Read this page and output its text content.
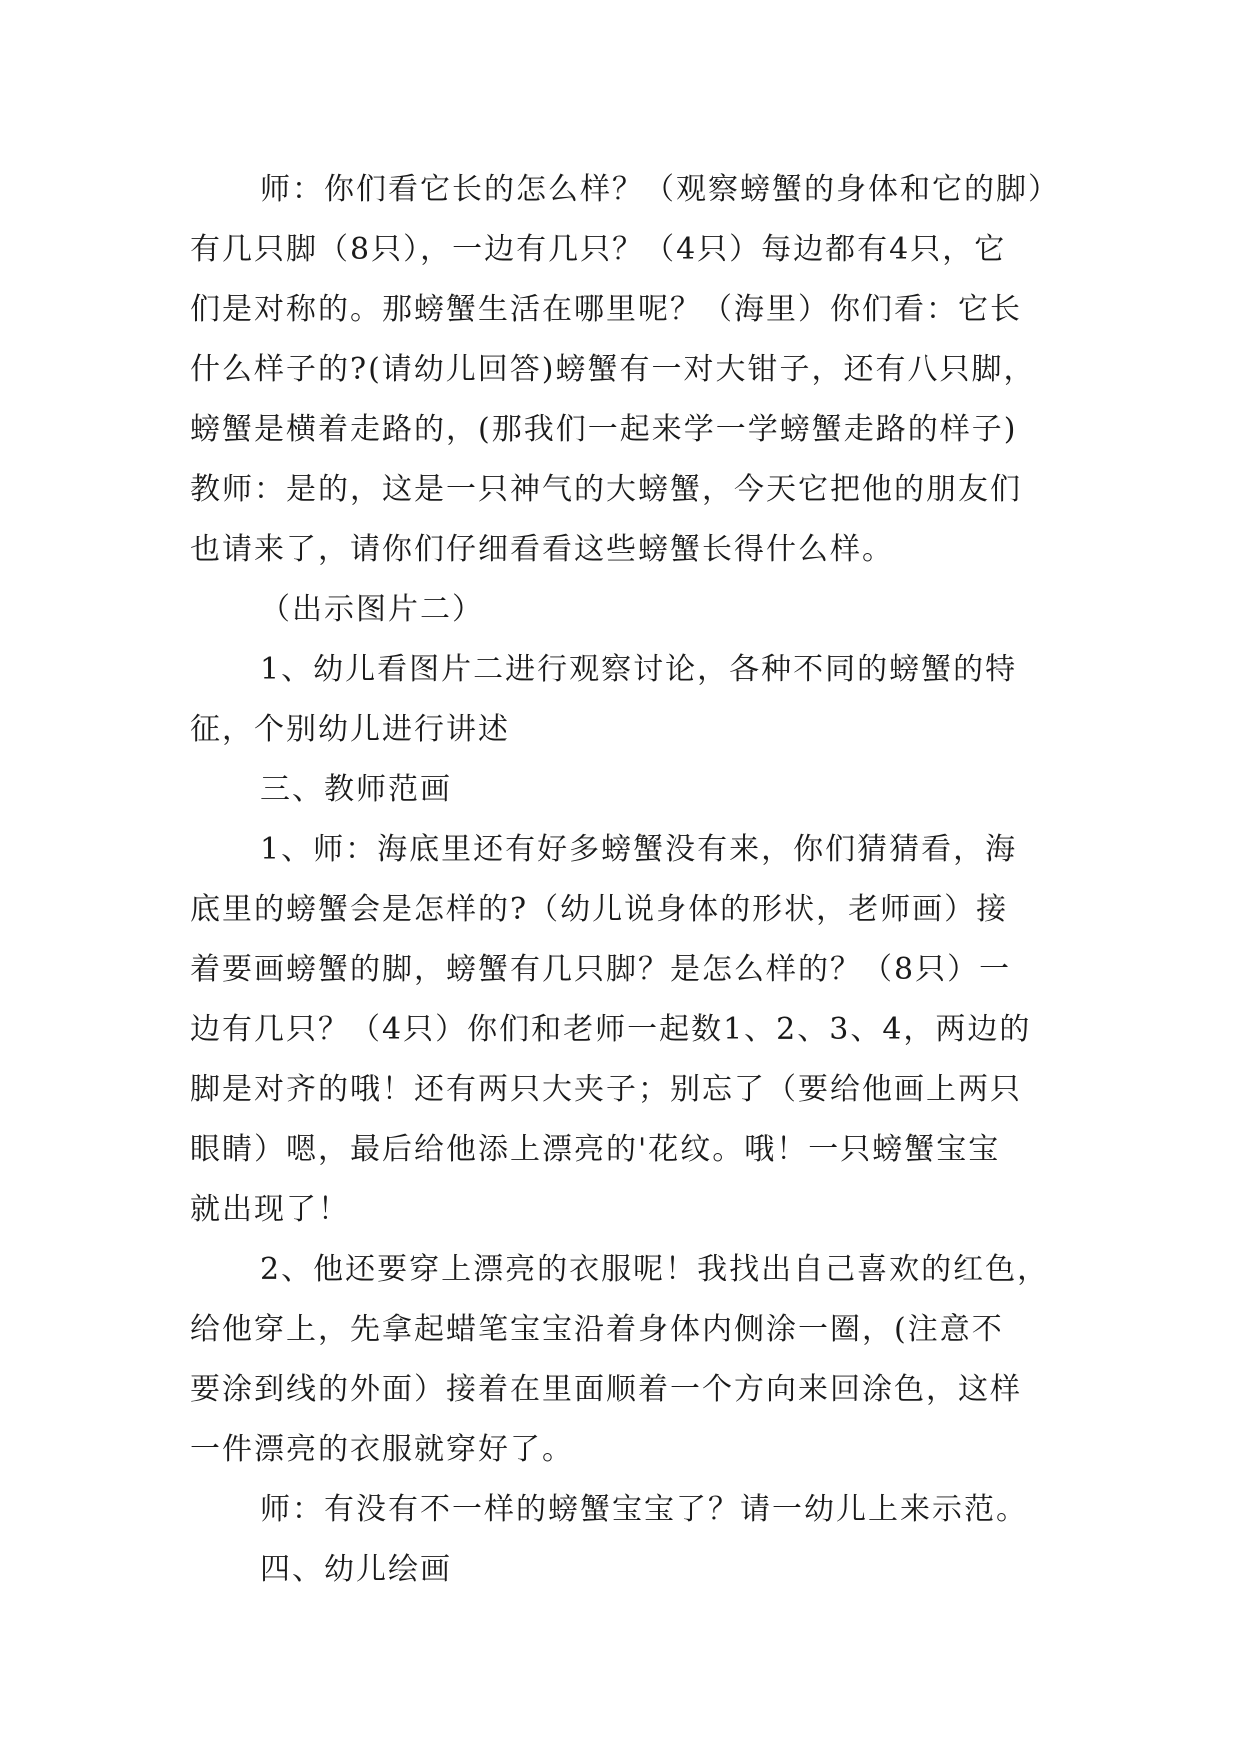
师：你们看它长的怎么样？（观察螃蟹的身体和它的脚）
有几只脚（8只），一边有几只？（4只）每边都有4只，它
们是对称的。那螃蟹生活在哪里呢？（海里）你们看：它长
什么样子的?(请幼儿回答)螃蟹有一对大钳子，还有八只脚，
螃蟹是横着走路的，(那我们一起来学一学螃蟹走路的样子)
教师：是的，这是一只神气的大螃蟹，今天它把他的朋友们
也请来了，请你们仔细看看这些螃蟹长得什么样。
（出示图片二）
1、幼儿看图片二进行观察讨论，各种不同的螃蟹的特
征，个别幼儿进行讲述
三、教师范画
1、师：海底里还有好多螃蟹没有来，你们猜猜看，海
底里的螃蟹会是怎样的?（幼儿说身体的形状，老师画）接
着要画螃蟹的脚，螃蟹有几只脚？是怎么样的？（8只）一
边有几只？（4只）你们和老师一起数1、2、3、4，两边的
脚是对齐的哦！还有两只大夹子；别忘了（要给他画上两只
眼睛）嗯，最后给他添上漂亮的'花纹。哦！一只螃蟹宝宝
就出现了！
2、他还要穿上漂亮的衣服呢！我找出自己喜欢的红色，
给他穿上，先拿起蜡笔宝宝沿着身体内侧涂一圈，(注意不
要涂到线的外面）接着在里面顺着一个方向来回涂色，这样
一件漂亮的衣服就穿好了。
师：有没有不一样的螃蟹宝宝了？请一幼儿上来示范。
四、幼儿绘画
